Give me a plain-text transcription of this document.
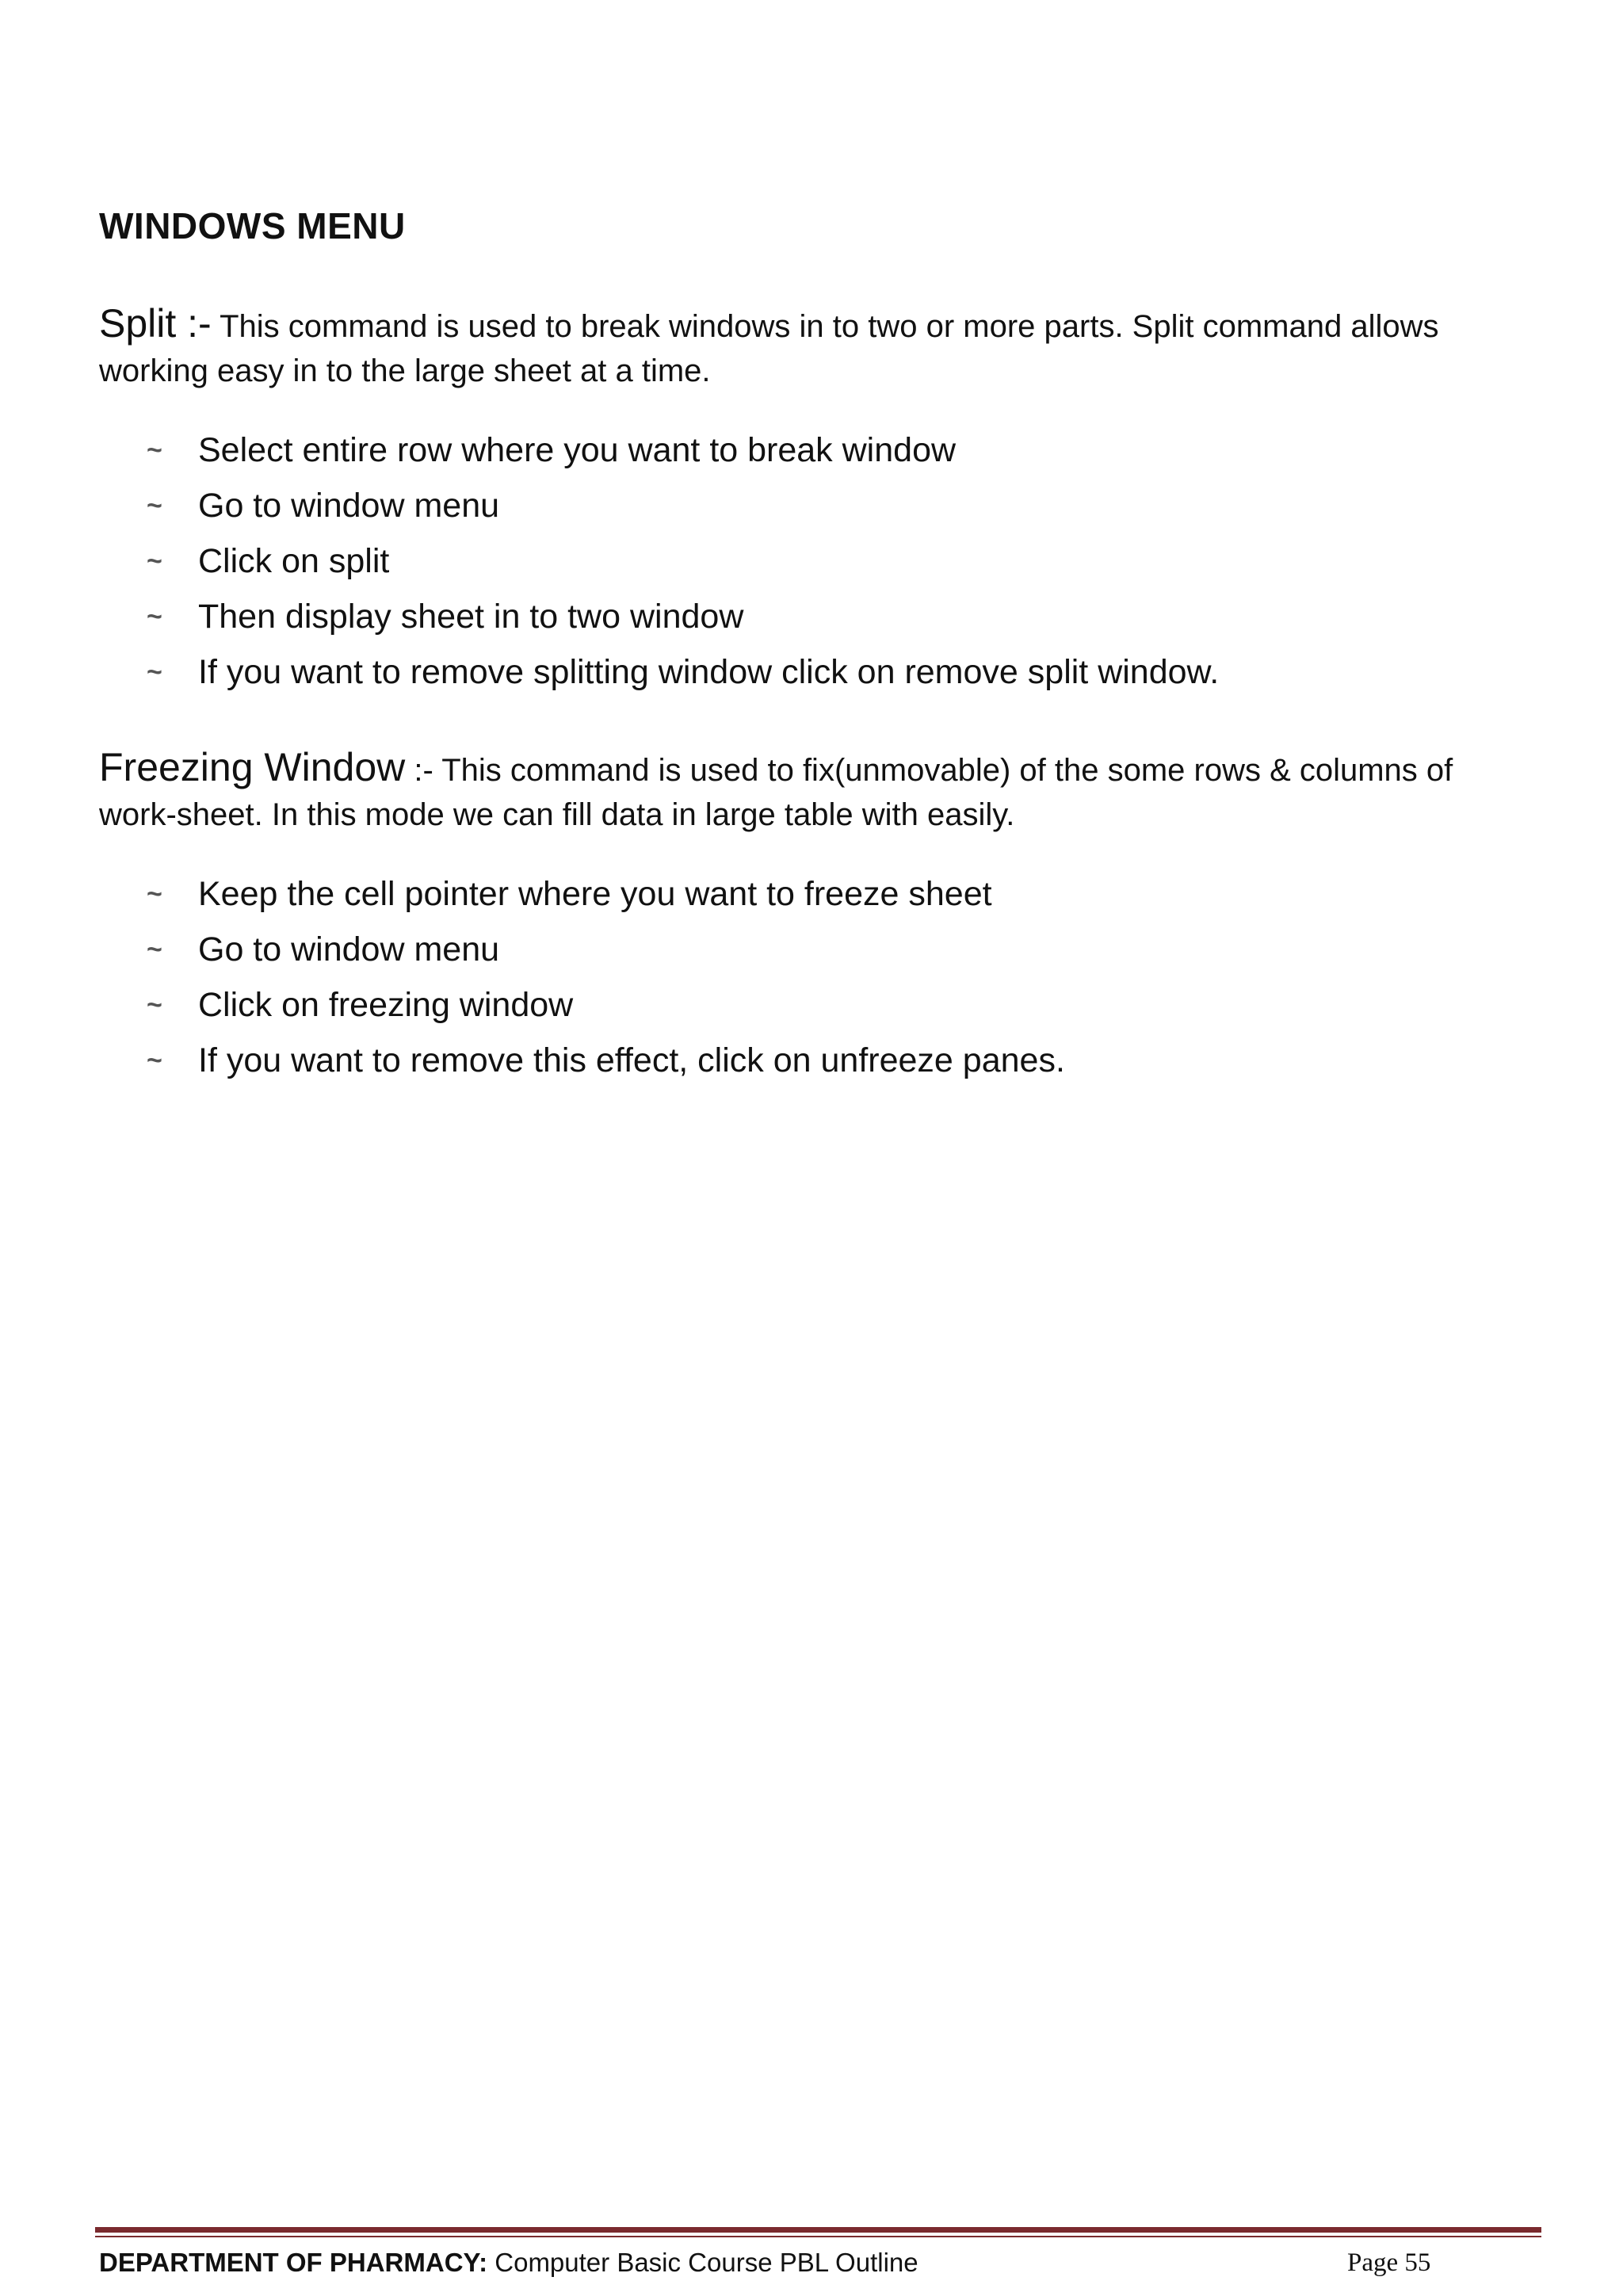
WINDOWS MENU

Split :- This command is used to break windows in to two or more parts. Split command allows working easy in to the large sheet at a time.

~ Select entire row where you want to break window
~ Go to window menu
~ Click on split
~ Then display sheet in to two window
~ If you want to remove splitting window click on remove split window.

Freezing Window :- This command is used to fix(unmovable) of the some rows & columns of work-sheet. In this mode we can fill data in large table with easily.

~ Keep the cell pointer where you want to freeze sheet
~ Go to window menu
~ Click on freezing window
~ If you want to remove this effect, click on unfreeze panes.
DEPARTMENT OF PHARMACY: Computer Basic Course PBL Outline	Page 55
